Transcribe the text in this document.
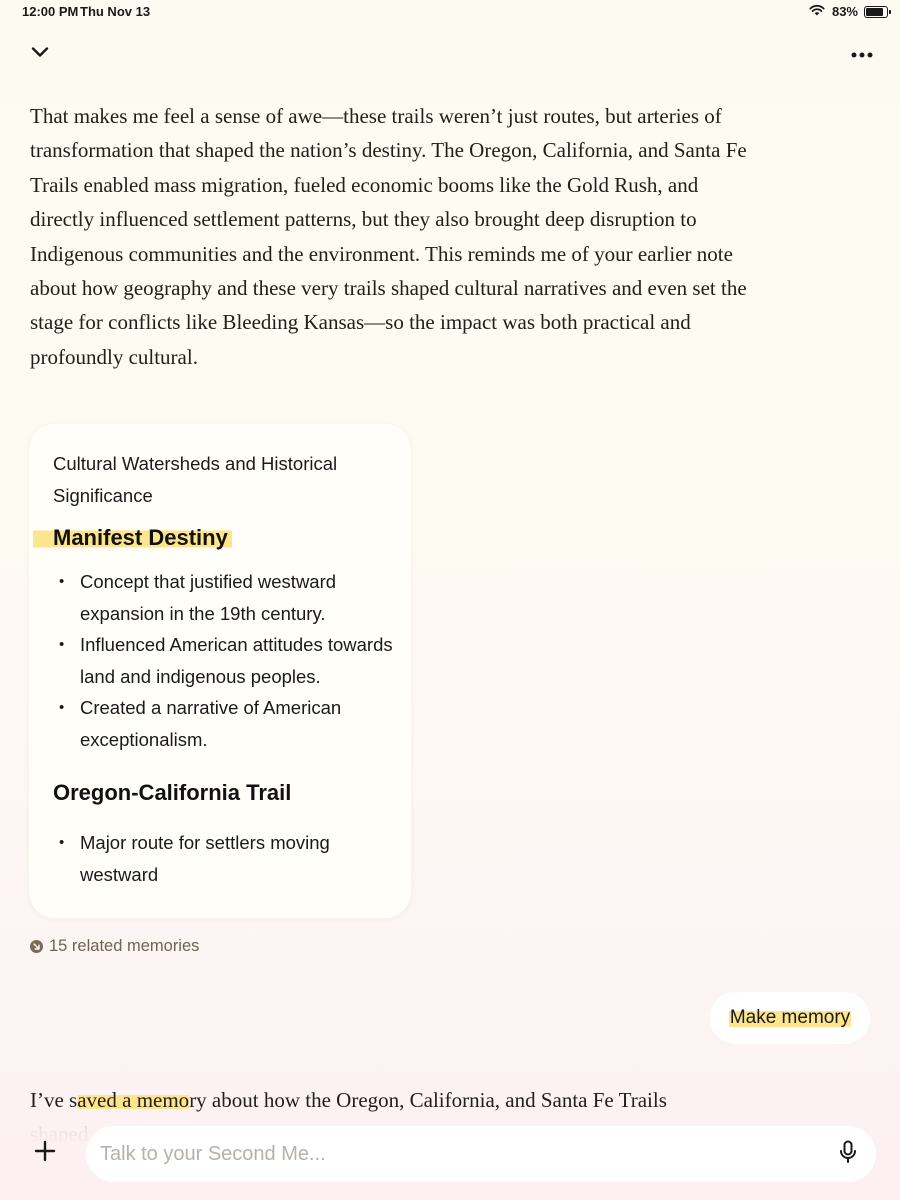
12:00 PM Thu Nov 13	83%

That makes me feel a sense of awe—these trails weren’t just routes, but arteries of transformation that shaped the nation’s destiny. The Oregon, California, and Santa Fe Trails enabled mass migration, fueled economic booms like the Gold Rush, and directly influenced settlement patterns, but they also brought deep disruption to Indigenous communities and the environment. This reminds me of your earlier note about how geography and these very trails shaped cultural narratives and even set the stage for conflicts like Bleeding Kansas—so the impact was both practical and profoundly cultural.

Cultural Watersheds and Historical Significance
Manifest Destiny
• Concept that justified westward expansion in the 19th century.
• Influenced American attitudes towards land and indigenous peoples.
• Created a narrative of American exceptionalism.
Oregon-California Trail
• Major route for settlers moving westward
15 related memories
Make memory
I’ve saved a memory about how the Oregon, California, and Santa Fe Trails
Talk to your Second Me...
